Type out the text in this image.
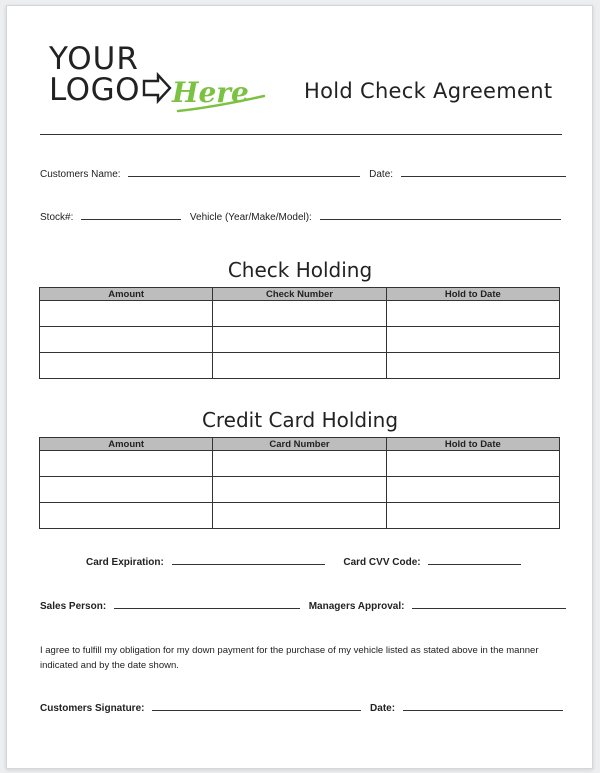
YOUR
LOGO Here	Hold Check Agreement
Customers Name:	Date:
Stock#:	Vehicle (Year/Make/Model):
Check Holding
Amount	Check Number	Hold to Date

Credit Card Holding
Amount	Card Number	Hold to Date

Card Expiration:	Card CVV Code:
Sales Person:	Managers Approval:
I agree to fulfill my obligation for my down payment for the purchase of my vehicle listed as stated above in the manner indicated and by the date shown.
Customers Signature:	Date:
